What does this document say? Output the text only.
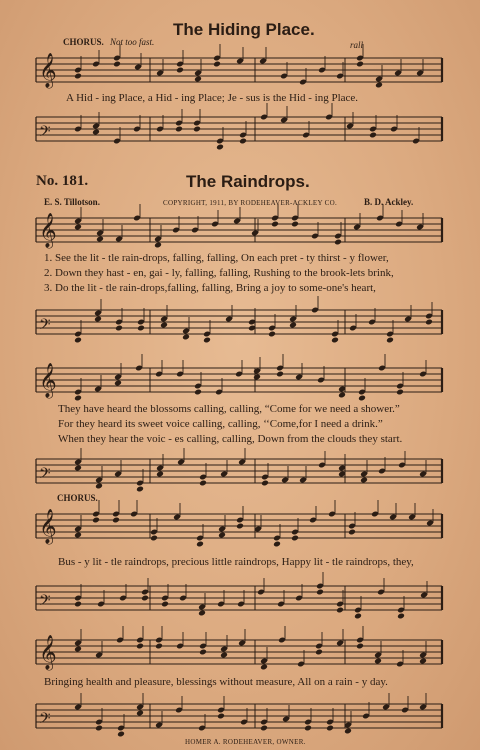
The Hiding Place.
CHORUS. Not too fast.	rall
𝄞
A Hid - ing Place, a Hid - ing Place; Je - sus is the Hid - ing Place.
𝄢
No. 181.	The Raindrops.
E. S. Tillotson.	COPYRIGHT, 1911, BY RODEHEAVER-ACKLEY CO.	B. D. Ackley.
𝄞
1. See the lit - tle rain-drops, falling, falling, On each pret - ty thirst - y flower,
2. Down they hast - en, gai - ly, falling, falling, Rushing to the brook-lets brink,
3. Do the lit - tle rain-drops,falling, falling, Bring a joy to some-one's heart,
𝄢
𝄞
They have heard the blossoms calling, calling, “Come for we need a shower.”
For they heard its sweet voice calling, calling, ‘‘Come,for I need a drink.”
When they hear the voic - es calling, calling, Down from the clouds they start.
𝄢
CHORUS.
𝄞
Bus - y lit - tle raindrops, precious little raindrops, Happy lit - tle raindrops, they,
𝄢
𝄞
Bringing health and pleasure, blessings without measure, All on a rain - y day.
𝄢
HOMER A. RODEHEAVER, OWNER.
